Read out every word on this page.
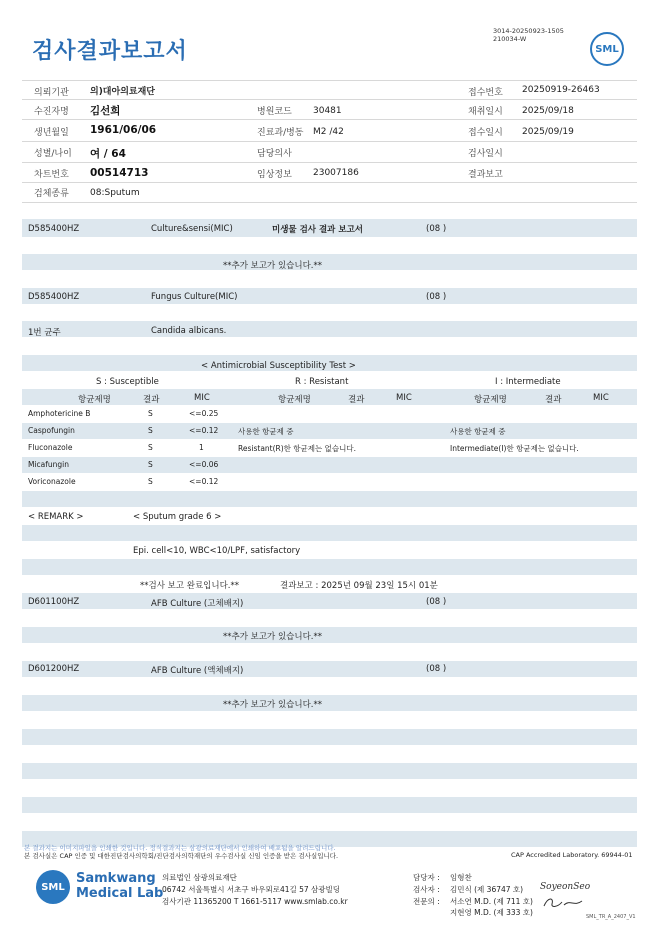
검사결과보고서
3014-20250923-1505
210034-W
SML
의뢰기관 의)대아의료재단	접수번호 20250919-26463
수진자명 김선희	병원코드 30481	채취일시 2025/09/18
생년월일 1961/06/06	진료과/병동 M2 /42	접수일시 2025/09/19
성별/나이 여 / 64	담당의사	검사일시
차트번호 00514713	임상정보 23007186	결과보고
검체종류 08:Sputum
D585400HZ	Culture&sensi(MIC)	미생물 검사 결과 보고서	(08 )
**추가 보고가 있습니다.**
D585400HZ	Fungus Culture(MIC)	(08 )
1번 균주	Candida albicans.
< Antimicrobial Susceptibility Test >
S : Susceptible	R : Resistant	I : Intermediate
항균제명	결과	MIC	항균제명	결과	MIC	항균제명	결과	MIC
Amphotericine B	S	<=0.25
Caspofungin	S	<=0.12	사용한 항균제 중	사용한 항균제 중
Fluconazole	S	1	Resistant(R)한 항균제는 없습니다.	Intermediate(I)한 항균제는 없습니다.
Micafungin	S	<=0.06
Voriconazole	S	<=0.12
< REMARK >	< Sputum grade 6 >
Epi. cell<10, WBC<10/LPF, satisfactory
**검사 보고 완료입니다.**	결과보고 : 2025년 09월 23일 15시 01분
D601100HZ	AFB Culture (고체배지)	(08 )
**추가 보고가 있습니다.**
D601200HZ	AFB Culture (액체배지)	(08 )
**추가 보고가 있습니다.**
본 결과지는 이미지파일을 인쇄한 것입니다. 정식결과지는 삼광의료재단에서 인쇄하여 배포됨을 알려드립니다.
본 검사실은 CAP 인증 및 대한진단검사의학회/진단검사의학재단의 우수검사실 신임 인증을 받은 검사실입니다.	CAP Accredited Laboratory. 69944-01
SML
Samkwang
Medical Lab
의료법인 삼광의료재단
06742 서울특별시 서초구 바우뫼로41길 57 삼광빌딩
검사기관 11365200 T 1661-5117 www.smlab.co.kr
담당자 : 임형찬
검사자 : 김민식 (제 36747 호)
전문의 : 서소연 M.D. (제 711 호)
지현영 M.D. (제 333 호)
SoyeonSeo
SML_TR_A_2407_V1
